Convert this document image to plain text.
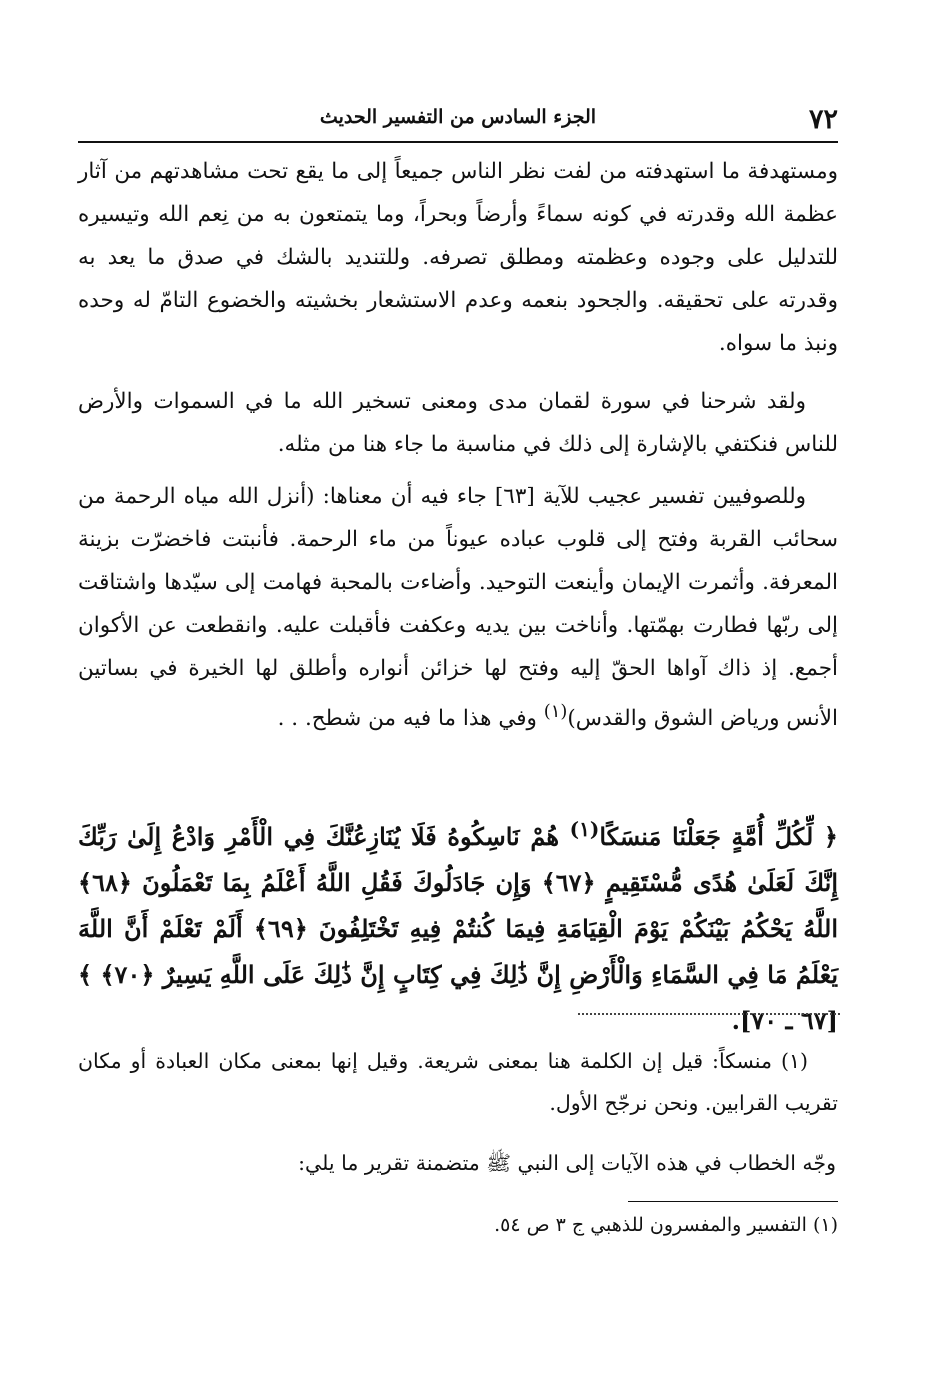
٧٢
الجزء السادس من التفسير الحديث
ومستهدفة ما استهدفته من لفت نظر الناس جميعاً إلى ما يقع تحت مشاهدتهم من آثار عظمة الله وقدرته في كونه سماءً وأرضاً وبحراً، وما يتمتعون به من نِعم الله وتيسيره للتدليل على وجوده وعظمته ومطلق تصرفه. وللتنديد بالشك في صدق ما يعد به وقدرته على تحقيقه. والجحود بنعمه وعدم الاستشعار بخشيته والخضوع التامّ له وحده ونبذ ما سواه.
ولقد شرحنا في سورة لقمان مدى ومعنى تسخير الله ما في السموات والأرض للناس فنكتفي بالإشارة إلى ذلك في مناسبة ما جاء هنا من مثله.
وللصوفيين تفسير عجيب للآية [٦٣] جاء فيه أن معناها: (أنزل الله مياه الرحمة من سحائب القربة وفتح إلى قلوب عباده عيوناً من ماء الرحمة. فأنبتت فاخضرّت بزينة المعرفة. وأثمرت الإيمان وأينعت التوحيد. وأضاءت بالمحبة فهامت إلى سيّدها واشتاقت إلى ربّها فطارت بهمّتها. وأناخت بين يديه وعكفت فأقبلت عليه. وانقطعت عن الأكوان أجمع. إذ ذاك آواها الحقّ إليه وفتح لها خزائن أنواره وأطلق لها الخيرة في بساتين الأنس ورياض الشوق والقدس)$^{(١)}$ وفي هذا ما فيه من شطح. . .
﴿ لِّكُلِّ أُمَّةٍ جَعَلْنَا مَنسَكًا$^{(١)}$ هُمْ نَاسِكُوهُ فَلَا يُنَازِعُنَّكَ فِي الْأَمْرِ وَادْعُ إِلَىٰ رَبِّكَ إِنَّكَ لَعَلَىٰ هُدًى مُّسْتَقِيمٍ ﴿٦٧﴾ وَإِن جَادَلُوكَ فَقُلِ اللَّهُ أَعْلَمُ بِمَا تَعْمَلُونَ ﴿٦٨﴾ اللَّهُ يَحْكُمُ بَيْنَكُمْ يَوْمَ الْقِيَامَةِ فِيمَا كُنتُمْ فِيهِ تَخْتَلِفُونَ ﴿٦٩﴾ أَلَمْ تَعْلَمْ أَنَّ اللَّهَ يَعْلَمُ مَا فِي السَّمَاءِ وَالْأَرْضِ إِنَّ ذَٰلِكَ فِي كِتَابٍ إِنَّ ذَٰلِكَ عَلَى اللَّهِ يَسِيرٌ ﴿٧٠﴾ ﴾ [٦٧ ـ ٧٠].
(١) منسكاً: قيل إن الكلمة هنا بمعنى شريعة. وقيل إنها بمعنى مكان العبادة أو مكان تقريب القرابين. ونحن نرجّح الأول.
وجّه الخطاب في هذه الآيات إلى النبي ﷺ متضمنة تقرير ما يلي:
(١) التفسير والمفسرون للذهبي ج ٣ ص ٥٤.
